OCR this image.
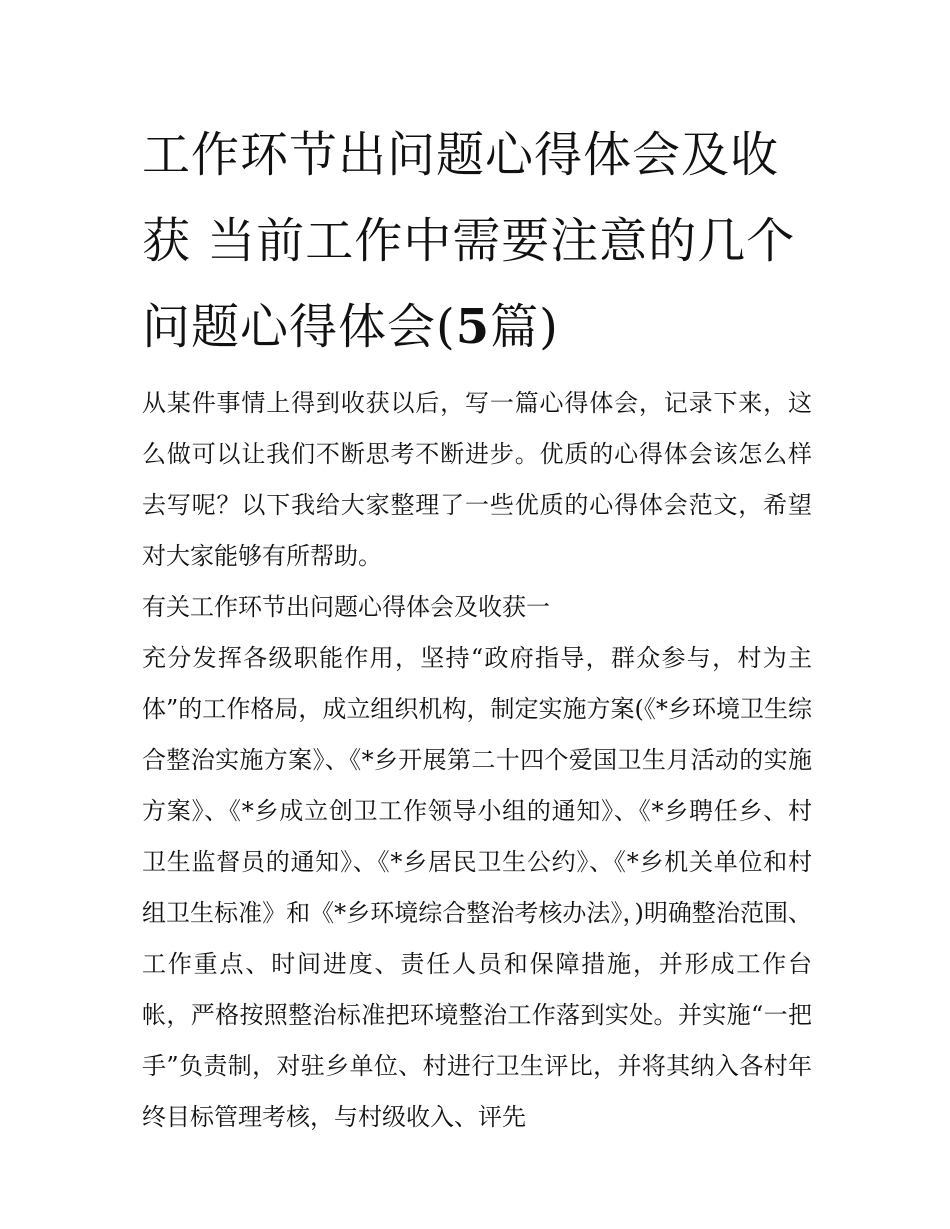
工作环节出问题心得体会及收获 当前工作中需要注意的几个问题心得体会(5篇)

从某件事情上得到收获以后，写一篇心得体会，记录下来，这么做可以让我们不断思考不断进步。优质的心得体会该怎么样去写呢？以下我给大家整理了一些优质的心得体会范文，希望对大家能够有所帮助。

有关工作环节出问题心得体会及收获一

充分发挥各级职能作用，坚持“政府指导，群众参与，村为主体”的工作格局，成立组织机构，制定实施方案(《*乡环境卫生综合整治实施方案》、《*乡开展第二十四个爱国卫生月活动的实施方案》、《*乡成立创卫工作领导小组的通知》、《*乡聘任乡、村卫生监督员的通知》、《*乡居民卫生公约》、《*乡机关单位和村组卫生标准》和《*乡环境综合整治考核办法》，)明确整治范围、工作重点、时间进度、责任人员和保障措施，并形成工作台帐，严格按照整治标准把环境整治工作落到实处。并实施“一把手”负责制，对驻乡单位、村进行卫生评比，并将其纳入各村年终目标管理考核，与村级收入、评先
